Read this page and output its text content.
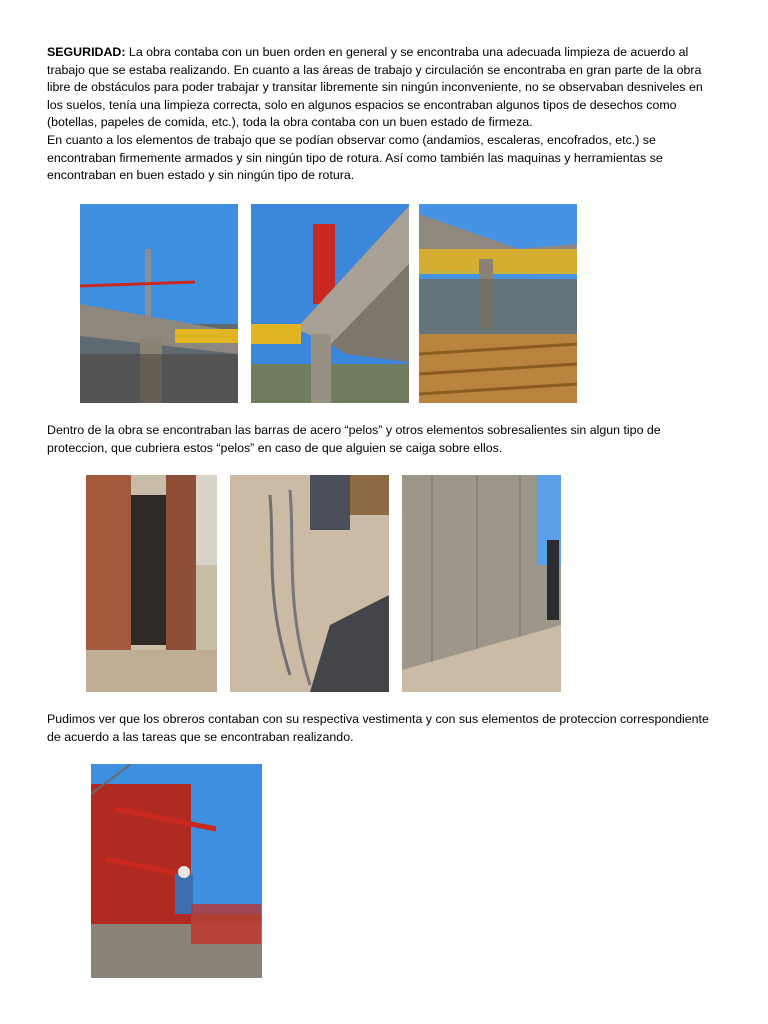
SEGURIDAD: La obra contaba con un buen orden en general y se encontraba una adecuada limpieza de acuerdo al trabajo que se estaba realizando. En cuanto a las áreas de trabajo y circulación se encontraba en gran parte de la obra libre de obstáculos para poder trabajar y transitar libremente sin ningún inconveniente, no se observaban desniveles en los suelos, tenía una limpieza correcta, solo en algunos espacios se encontraban algunos tipos de desechos como (botellas, papeles de comida, etc.), toda la obra contaba con un buen estado de firmeza.
En cuanto a los elementos de trabajo que se podían observar como (andamios, escaleras, encofrados, etc.) se encontraban firmemente armados y sin ningún tipo de rotura. Así como también las maquinas y herramientas se encontraban en buen estado y sin ningún tipo de rotura.

Dentro de la obra se encontraban las barras de acero “pelos” y otros elementos sobresalientes sin algun tipo de proteccion, que cubriera estos “pelos” en caso de que alguien se caiga sobre ellos.

Pudimos ver que los obreros contaban con su respectiva vestimenta y con sus elementos de proteccion correspondiente de acuerdo a las tareas que se encontraban realizando.
